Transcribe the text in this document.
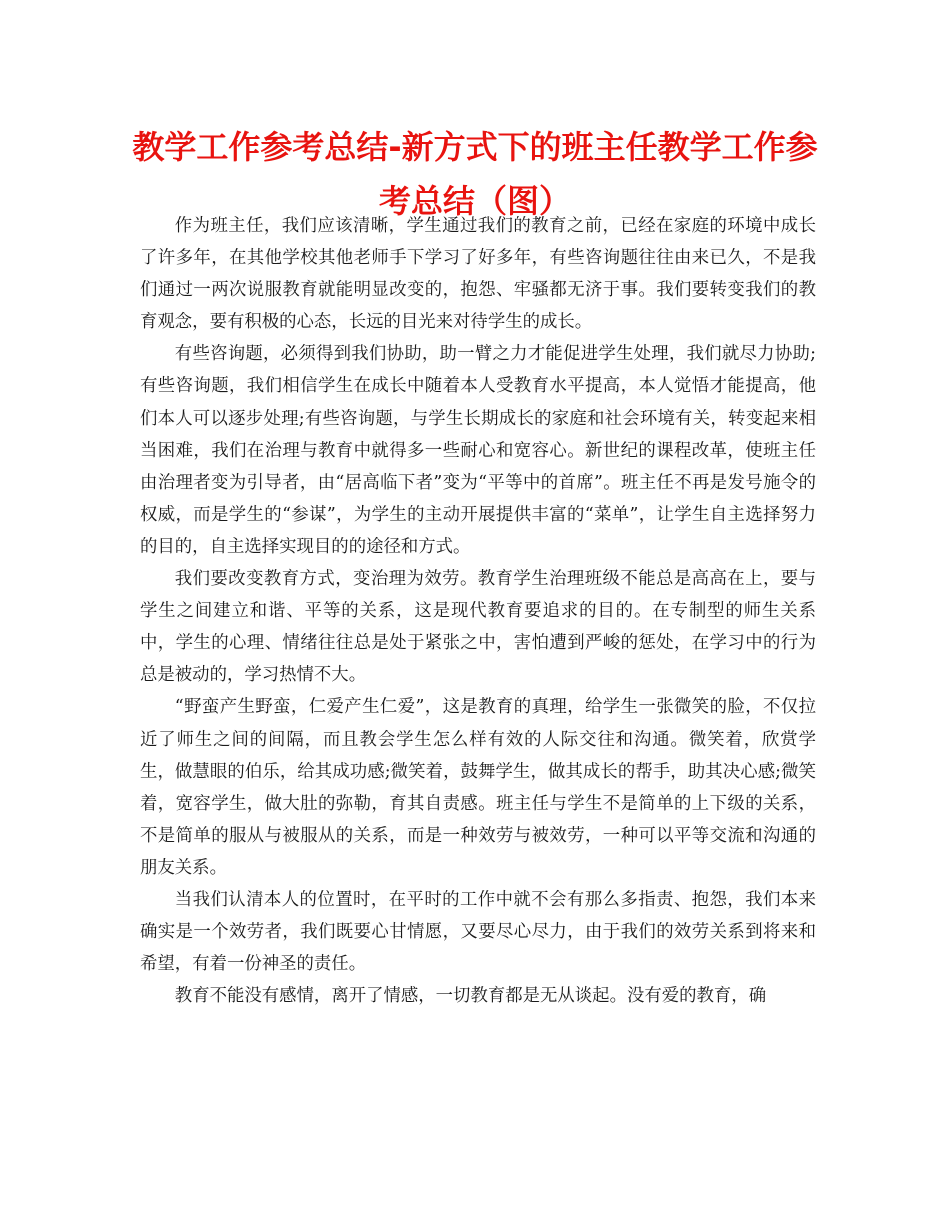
教学工作参考总结-新方式下的班主任教学工作参考总结（图）

作为班主任，我们应该清晰，学生通过我们的教育之前，已经在家庭的环境中成长了许多年，在其他学校其他老师手下学习了好多年，有些咨询题往往由来已久，不是我们通过一两次说服教育就能明显改变的，抱怨、牢骚都无济于事。我们要转变我们的教育观念，要有积极的心态，长远的目光来对待学生的成长。

有些咨询题，必须得到我们协助，助一臂之力才能促进学生处理，我们就尽力协助;有些咨询题，我们相信学生在成长中随着本人受教育水平提高，本人觉悟才能提高，他们本人可以逐步处理;有些咨询题，与学生长期成长的家庭和社会环境有关，转变起来相当困难，我们在治理与教育中就得多一些耐心和宽容心。新世纪的课程改革，使班主任由治理者变为引导者，由“居高临下者”变为“平等中的首席”。班主任不再是发号施令的权威，而是学生的“参谋”，为学生的主动开展提供丰富的“菜单”，让学生自主选择努力的目的，自主选择实现目的的途径和方式。

我们要改变教育方式，变治理为效劳。教育学生治理班级不能总是高高在上，要与学生之间建立和谐、平等的关系，这是现代教育要追求的目的。在专制型的师生关系中，学生的心理、情绪往往总是处于紧张之中，害怕遭到严峻的惩处，在学习中的行为总是被动的，学习热情不大。

“野蛮产生野蛮，仁爱产生仁爱”，这是教育的真理，给学生一张微笑的脸，不仅拉近了师生之间的间隔，而且教会学生怎么样有效的人际交往和沟通。微笑着，欣赏学生，做慧眼的伯乐，给其成功感;微笑着，鼓舞学生，做其成长的帮手，助其决心感;微笑着，宽容学生，做大肚的弥勒，育其自责感。班主任与学生不是简单的上下级的关系，不是简单的服从与被服从的关系，而是一种效劳与被效劳，一种可以平等交流和沟通的朋友关系。

当我们认清本人的位置时，在平时的工作中就不会有那么多指责、抱怨，我们本来确实是一个效劳者，我们既要心甘情愿，又要尽心尽力，由于我们的效劳关系到将来和希望，有着一份神圣的责任。

教育不能没有感情，离开了情感，一切教育都是无从谈起。没有爱的教育，确
